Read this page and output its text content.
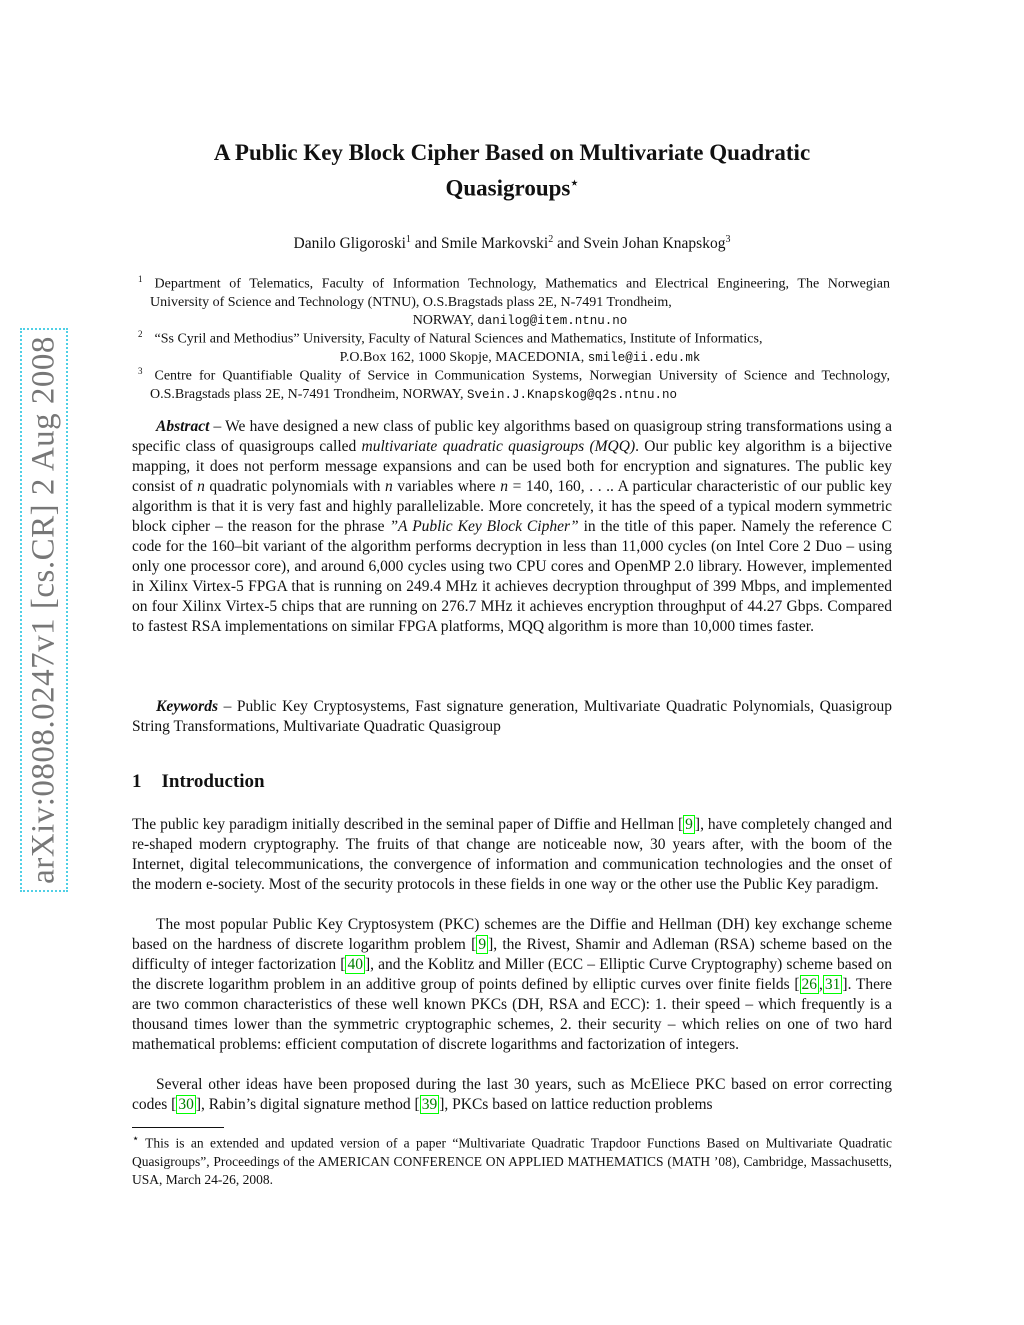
arXiv:0808.0247v1 [cs.CR] 2 Aug 2008
A Public Key Block Cipher Based on Multivariate Quadratic
Quasigroups⋆
Danilo Gligoroski$^1$ and Smile Markovski$^2$ and Svein Johan Knapskog$^3$
$^1$ Department of Telematics, Faculty of Information Technology, Mathematics and Electrical Engineering, The Norwegian University of Science and Technology (NTNU), O.S.Bragstads plass 2E, N-7491 Trondheim,
NORWAY, danilog@item.ntnu.no
$^2$ “Ss Cyril and Methodius” University, Faculty of Natural Sciences and Mathematics, Institute of Informatics,
P.O.Box 162, 1000 Skopje, MACEDONIA, smile@ii.edu.mk
$^3$ Centre for Quantifiable Quality of Service in Communication Systems, Norwegian University of Science and Technology, O.S.Bragstads plass 2E, N-7491 Trondheim, NORWAY, Svein.J.Knapskog@q2s.ntnu.no

Abstract – We have designed a new class of public key algorithms based on quasigroup string transformations using a specific class of quasigroups called multivariate quadratic quasigroups (MQQ). Our public key algorithm is a bijective mapping, it does not perform message expansions and can be used both for encryption and signatures. The public key consist of n quadratic polynomials with n variables where n = 140, 160, . . .. A particular characteristic of our public key algorithm is that it is very fast and highly parallelizable. More concretely, it has the speed of a typical modern symmetric block cipher – the reason for the phrase ”A Public Key Block Cipher” in the title of this paper. Namely the reference C code for the 160–bit variant of the algorithm performs decryption in less than 11,000 cycles (on Intel Core 2 Duo – using only one processor core), and around 6,000 cycles using two CPU cores and OpenMP 2.0 library. However, implemented in Xilinx Virtex-5 FPGA that is running on 249.4 MHz it achieves decryption throughput of 399 Mbps, and implemented on four Xilinx Virtex-5 chips that are running on 276.7 MHz it achieves encryption throughput of 44.27 Gbps. Compared to fastest RSA implementations on similar FPGA platforms, MQQ algorithm is more than 10,000 times faster.

Keywords – Public Key Cryptosystems, Fast signature generation, Multivariate Quadratic Polynomials, Quasigroup String Transformations, Multivariate Quadratic Quasigroup

1 Introduction

The public key paradigm initially described in the seminal paper of Diffie and Hellman [ 9 ], have completely changed and re-shaped modern cryptography. The fruits of that change are noticeable now, 30 years after, with the boom of the Internet, digital telecommunications, the convergence of information and communication technologies and the onset of the modern e-society. Most of the security protocols in these fields in one way or the other use the Public Key paradigm.

The most popular Public Key Cryptosystem (PKC) schemes are the Diffie and Hellman (DH) key exchange scheme based on the hardness of discrete logarithm problem [ 9 ], the Rivest, Shamir and Adleman (RSA) scheme based on the difficulty of integer factorization [ 40 ], and the Koblitz and Miller (ECC – Elliptic Curve Cryptography) scheme based on the discrete logarithm problem in an additive group of points defined by elliptic curves over finite fields [ 26 , 31 ]. There are two common characteristics of these well known PKCs (DH, RSA and ECC): 1. their speed – which frequently is a thousand times lower than the symmetric cryptographic schemes, 2. their security – which relies on one of two hard mathematical problems: efficient computation of discrete logarithms and factorization of integers.

Several other ideas have been proposed during the last 30 years, such as McEliece PKC based on error correcting codes [ 30 ], Rabin’s digital signature method [ 39 ], PKCs based on lattice reduction problems

⋆ This is an extended and updated version of a paper “Multivariate Quadratic Trapdoor Functions Based on Multivariate Quadratic Quasigroups”, Proceedings of the AMERICAN CONFERENCE ON APPLIED MATHEMATICS (MATH ’08), Cambridge, Massachusetts, USA, March 24-26, 2008.
